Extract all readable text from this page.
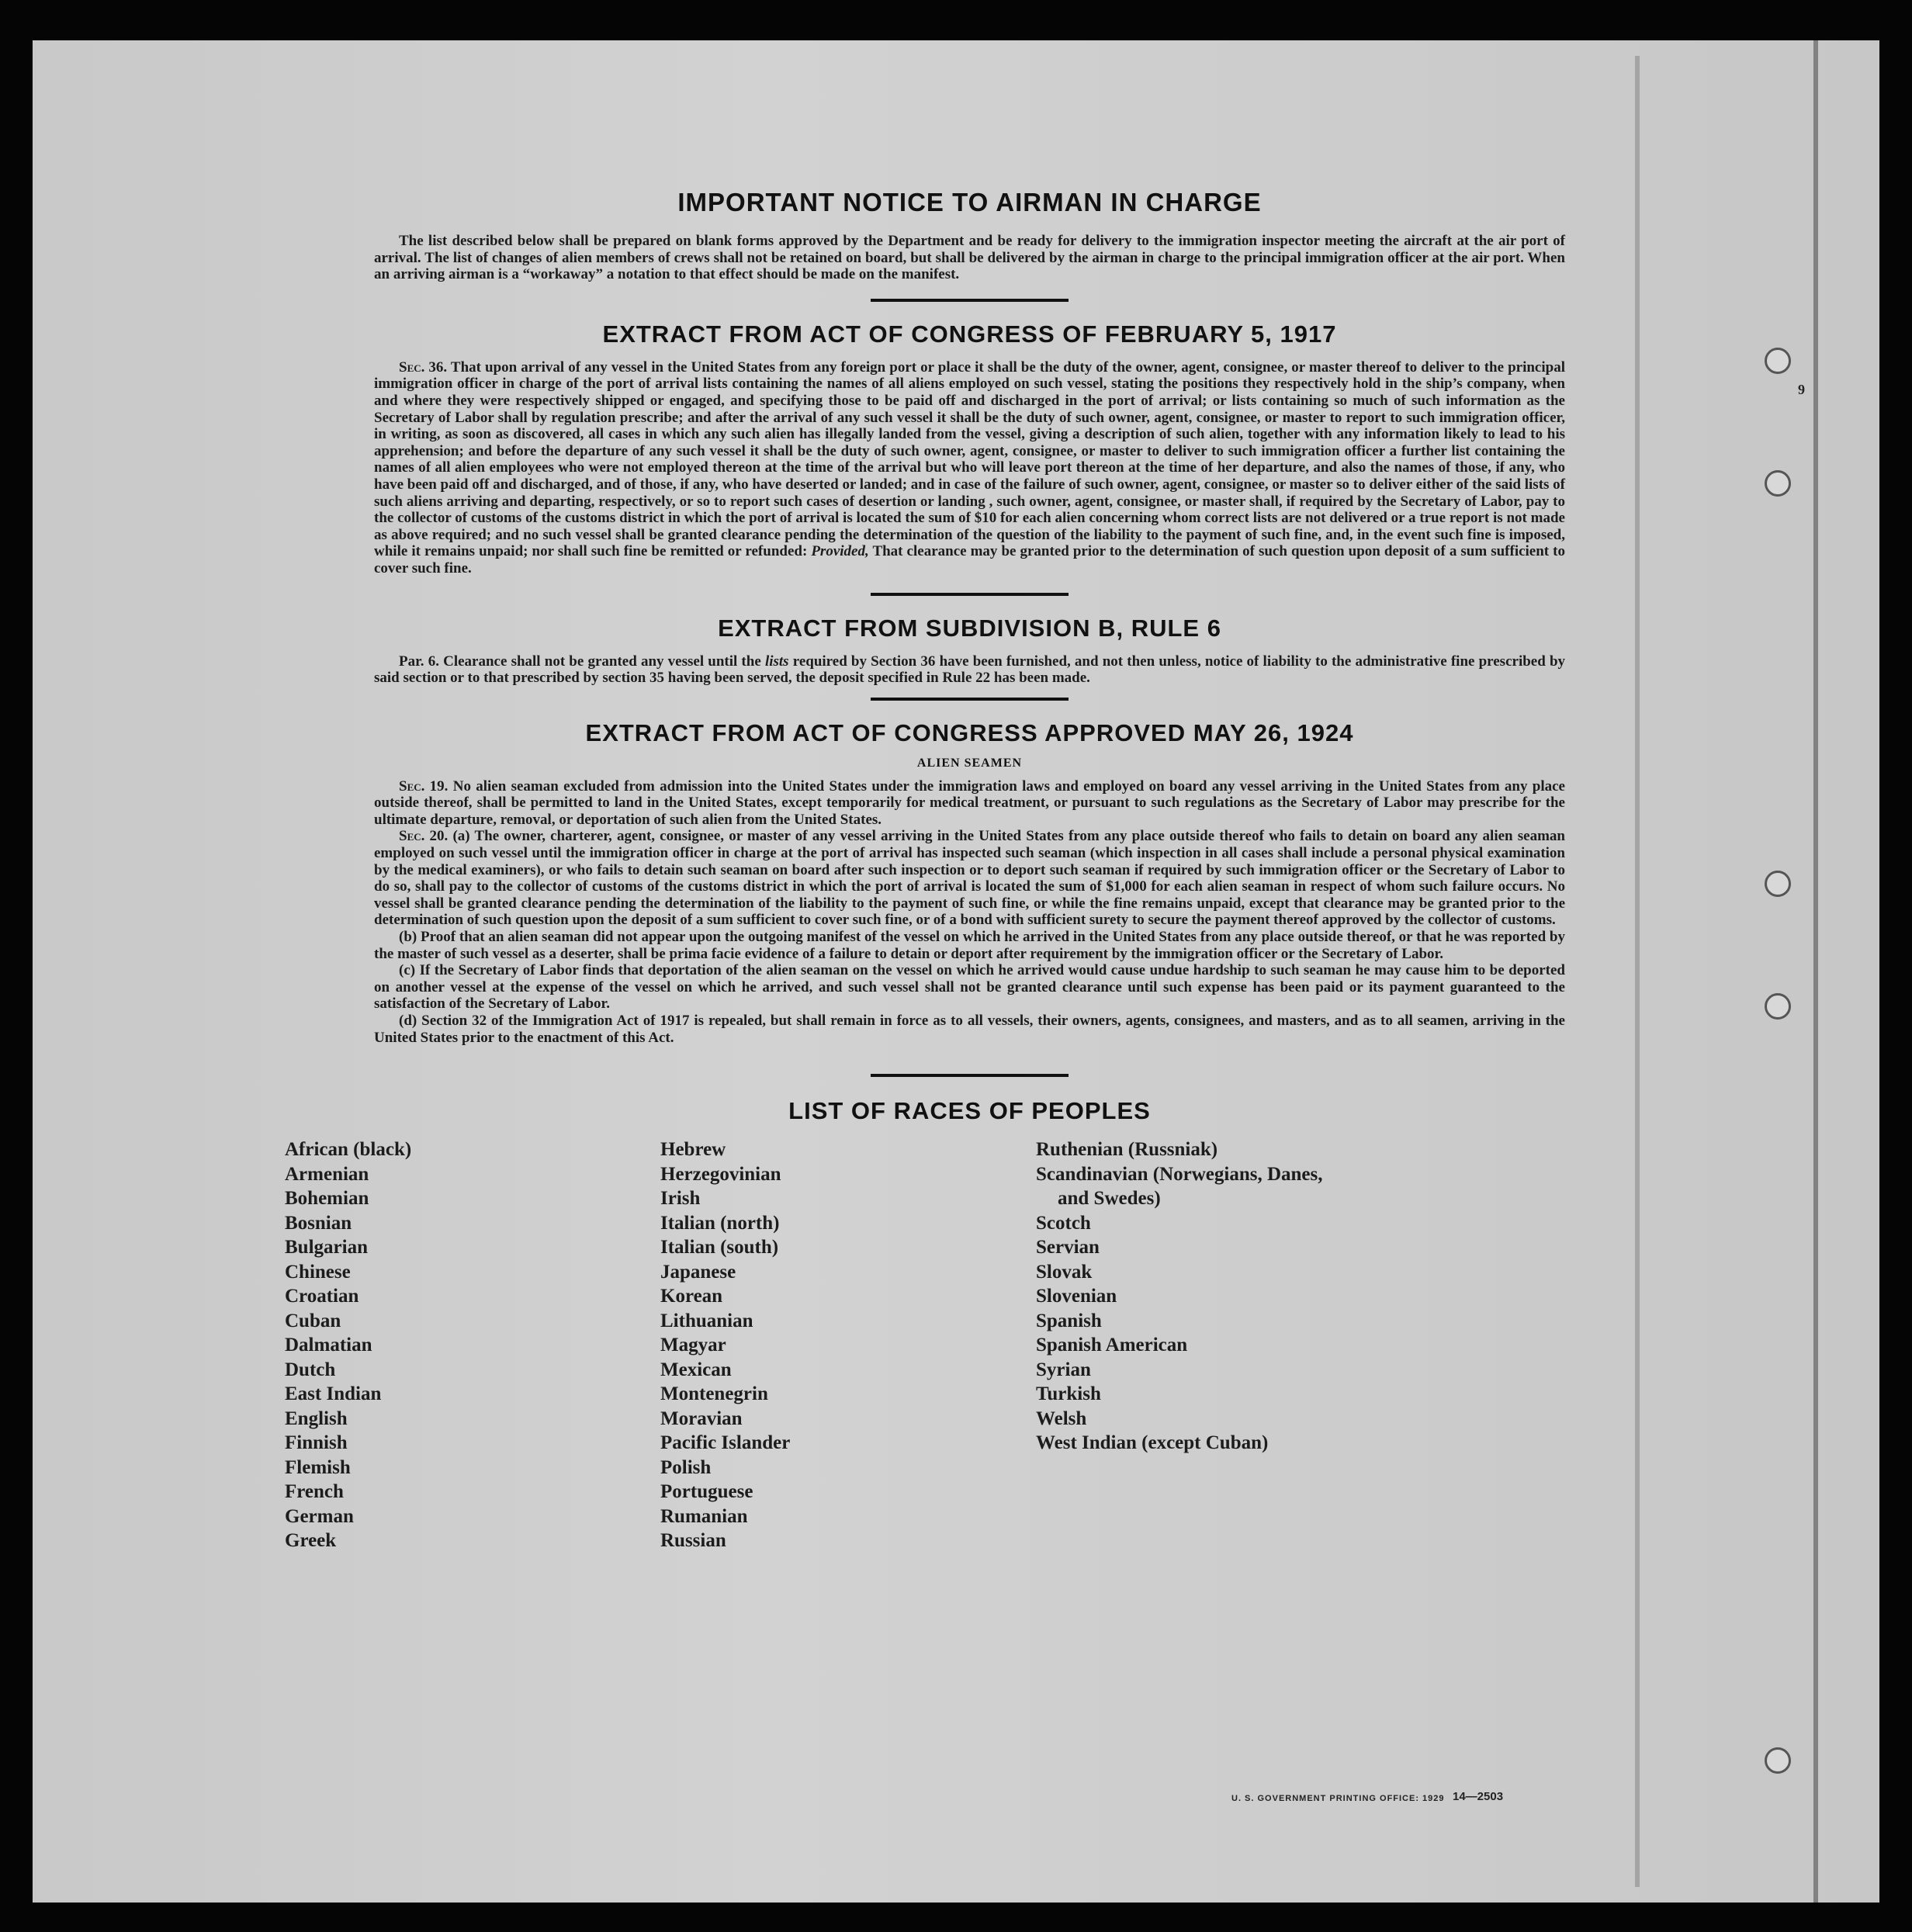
9
IMPORTANT NOTICE TO AIRMAN IN CHARGE

The list described below shall be prepared on blank forms approved by the Department and be ready for delivery to the immigration inspector meeting the aircraft at the air port of arrival. The list of changes of alien members of crews shall not be retained on board, but shall be delivered by the airman in charge to the principal immigration officer at the air port. When an arriving airman is a “workaway” a notation to that effect should be made on the manifest.

EXTRACT FROM ACT OF CONGRESS OF FEBRUARY 5, 1917

Sec. 36. That upon arrival of any vessel in the United States from any foreign port or place it shall be the duty of the owner, agent, consignee, or master thereof to deliver to the principal immigration officer in charge of the port of arrival lists containing the names of all aliens employed on such vessel, stating the positions they respectively hold in the ship’s company, when and where they were respectively shipped or engaged, and specifying those to be paid off and discharged in the port of arrival; or lists containing so much of such information as the Secretary of Labor shall by regulation prescribe; and after the arrival of any such vessel it shall be the duty of such owner, agent, consignee, or master to report to such immigration officer, in writing, as soon as discovered, all cases in which any such alien has illegally landed from the vessel, giving a description of such alien, together with any information likely to lead to his apprehension; and before the departure of any such vessel it shall be the duty of such owner, agent, consignee, or master to deliver to such immigration officer a further list containing the names of all alien employees who were not employed thereon at the time of the arrival but who will leave port thereon at the time of her departure, and also the names of those, if any, who have been paid off and discharged, and of those, if any, who have deserted or landed; and in case of the failure of such owner, agent, consignee, or master so to deliver either of the said lists of such aliens arriving and departing, respectively, or so to report such cases of desertion or landing , such owner, agent, consignee, or master shall, if required by the Secretary of Labor, pay to the collector of customs of the customs district in which the port of arrival is located the sum of $10 for each alien concerning whom correct lists are not delivered or a true report is not made as above required; and no such vessel shall be granted clearance pending the determination of the question of the liability to the payment of such fine, and, in the event such fine is imposed, while it remains unpaid; nor shall such fine be remitted or refunded: Provided, That clearance may be granted prior to the determination of such question upon deposit of a sum sufficient to cover such fine.

EXTRACT FROM SUBDIVISION B, RULE 6

Par. 6. Clearance shall not be granted any vessel until the lists required by Section 36 have been furnished, and not then unless, notice of liability to the administrative fine prescribed by said section or to that prescribed by section 35 having been served, the deposit specified in Rule 22 has been made.

EXTRACT FROM ACT OF CONGRESS APPROVED MAY 26, 1924
ALIEN SEAMEN

Sec. 19. No alien seaman excluded from admission into the United States under the immigration laws and employed on board any vessel arriving in the United States from any place outside thereof, shall be permitted to land in the United States, except temporarily for medical treatment, or pursuant to such regulations as the Secretary of Labor may prescribe for the ultimate departure, removal, or deportation of such alien from the United States.

Sec. 20. (a) The owner, charterer, agent, consignee, or master of any vessel arriving in the United States from any place outside thereof who fails to detain on board any alien seaman employed on such vessel until the immigration officer in charge at the port of arrival has inspected such seaman (which inspection in all cases shall include a personal physical examination by the medical examiners), or who fails to detain such seaman on board after such inspection or to deport such seaman if required by such immigration officer or the Secretary of Labor to do so, shall pay to the collector of customs of the customs district in which the port of arrival is located the sum of $1,000 for each alien seaman in respect of whom such failure occurs. No vessel shall be granted clearance pending the determination of the liability to the payment of such fine, or while the fine remains unpaid, except that clearance may be granted prior to the determination of such question upon the deposit of a sum sufficient to cover such fine, or of a bond with sufficient surety to secure the payment thereof approved by the collector of customs.

(b) Proof that an alien seaman did not appear upon the outgoing manifest of the vessel on which he arrived in the United States from any place outside thereof, or that he was reported by the master of such vessel as a deserter, shall be prima facie evidence of a failure to detain or deport after requirement by the immigration officer or the Secretary of Labor.

(c) If the Secretary of Labor finds that deportation of the alien seaman on the vessel on which he arrived would cause undue hardship to such seaman he may cause him to be deported on another vessel at the expense of the vessel on which he arrived, and such vessel shall not be granted clearance until such expense has been paid or its payment guaranteed to the satisfaction of the Secretary of Labor.

(d) Section 32 of the Immigration Act of 1917 is repealed, but shall remain in force as to all vessels, their owners, agents, consignees, and masters, and as to all seamen, arriving in the United States prior to the enactment of this Act.

LIST OF RACES OF PEOPLES
African (black)
Armenian
Bohemian
Bosnian
Bulgarian
Chinese
Croatian
Cuban
Dalmatian
Dutch
East Indian
English
Finnish
Flemish
French
German
Greek
Hebrew
Herzegovinian
Irish
Italian (north)
Italian (south)
Japanese
Korean
Lithuanian
Magyar
Mexican
Montenegrin
Moravian
Pacific Islander
Polish
Portuguese
Rumanian
Russian
Ruthenian (Russniak)
Scandinavian (Norwegians, Danes,
and Swedes)
Scotch
Servian
Slovak
Slovenian
Spanish
Spanish American
Syrian
Turkish
Welsh
West Indian (except Cuban)
U. S. GOVERNMENT PRINTING OFFICE: 1929 14—2503
